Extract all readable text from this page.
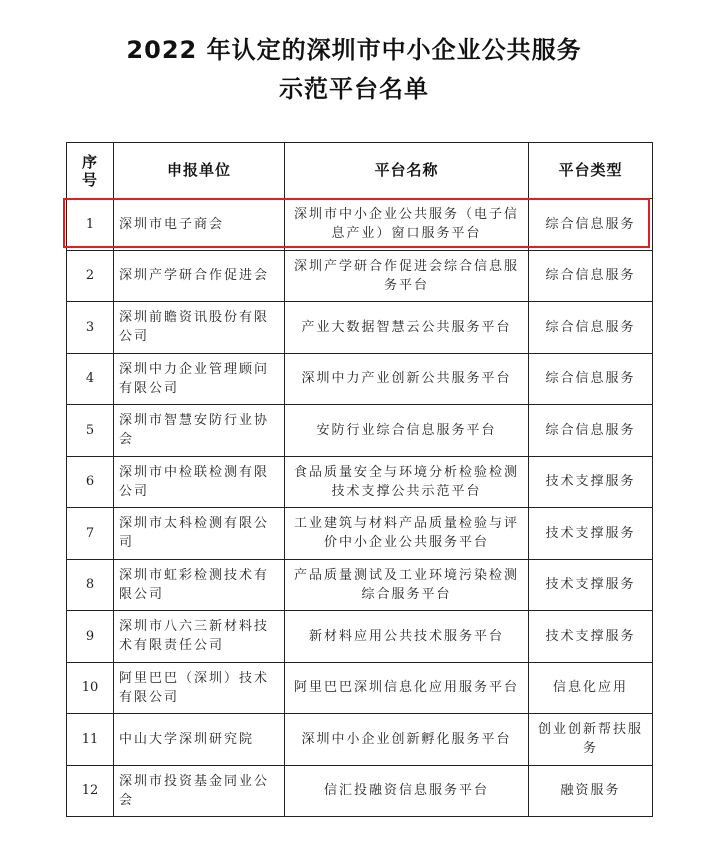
2022 年认定的深圳市中小企业公共服务
示范平台名单
序
号	申报单位	平台名称	平台类型
1	深圳市电子商会	深圳市中小企业公共服务（电子信息产业）窗口服务平台	综合信息服务
2	深圳产学研合作促进会	深圳产学研合作促进会综合信息服务平台	综合信息服务
3	深圳前瞻资讯股份有限公司	产业大数据智慧云公共服务平台	综合信息服务
4	深圳中力企业管理顾问有限公司	深圳中力产业创新公共服务平台	综合信息服务
5	深圳市智慧安防行业协会	安防行业综合信息服务平台	综合信息服务
6	深圳市中检联检测有限公司	食品质量安全与环境分析检验检测技术支撑公共示范平台	技术支撑服务
7	深圳市太科检测有限公司	工业建筑与材料产品质量检验与评价中小企业公共服务平台	技术支撑服务
8	深圳市虹彩检测技术有限公司	产品质量测试及工业环境污染检测综合服务平台	技术支撑服务
9	深圳市八六三新材料技术有限责任公司	新材料应用公共技术服务平台	技术支撑服务
10	阿里巴巴（深圳）技术有限公司	阿里巴巴深圳信息化应用服务平台	信息化应用
11	中山大学深圳研究院	深圳中小企业创新孵化服务平台	创业创新帮扶服务
12	深圳市投资基金同业公会	信汇投融资信息服务平台	融资服务
